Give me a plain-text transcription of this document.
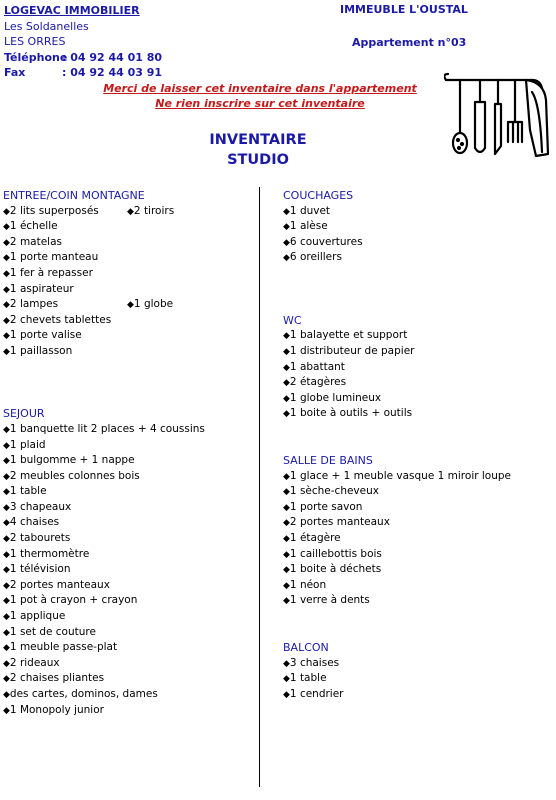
LOGEVAC IMMOBILIER
Les Soldanelles
LES ORRES
Téléphone: 04 92 44 01 80
Fax	: 04 92 44 03 91
IMMEUBLE L'OUSTAL
Appartement n°03
Merci de laisser cet inventaire dans l'appartement
Ne rien inscrire sur cet inventaire
INVENTAIRE
STUDIO
ENTREE/COIN MONTAGNE
◆2 lits superposés	◆2 tiroirs
◆1 échelle
◆2 matelas
◆1 porte manteau
◆1 fer à repasser
◆1 aspirateur
◆2 lampes	◆1 globe
◆2 chevets tablettes
◆1 porte valise
◆1 paillasson
SEJOUR
◆1 banquette lit 2 places + 4 coussins
◆1 plaid
◆1 bulgomme + 1 nappe
◆2 meubles colonnes bois
◆1 table
◆3 chapeaux
◆4 chaises
◆2 tabourets
◆1 thermomètre
◆1 télévision
◆2 portes manteaux
◆1 pot à crayon + crayon
◆1 applique
◆1 set de couture
◆1 meuble passe-plat
◆2 rideaux
◆2 chaises pliantes
◆des cartes, dominos, dames
◆1 Monopoly junior
COUCHAGES
◆1 duvet
◆1 alèse
◆6 couvertures
◆6 oreillers
WC
◆1 balayette et support
◆1 distributeur de papier
◆1 abattant
◆2 étagères
◆1 globe lumineux
◆1 boite à outils + outils
SALLE DE BAINS
◆1 glace + 1 meuble vasque 1 miroir loupe
◆1 sèche-cheveux
◆1 porte savon
◆2 portes manteaux
◆1 étagère
◆1 caillebottis bois
◆1 boite à déchets
◆1 néon
◆1 verre à dents
BALCON
◆3 chaises
◆1 table
◆1 cendrier
